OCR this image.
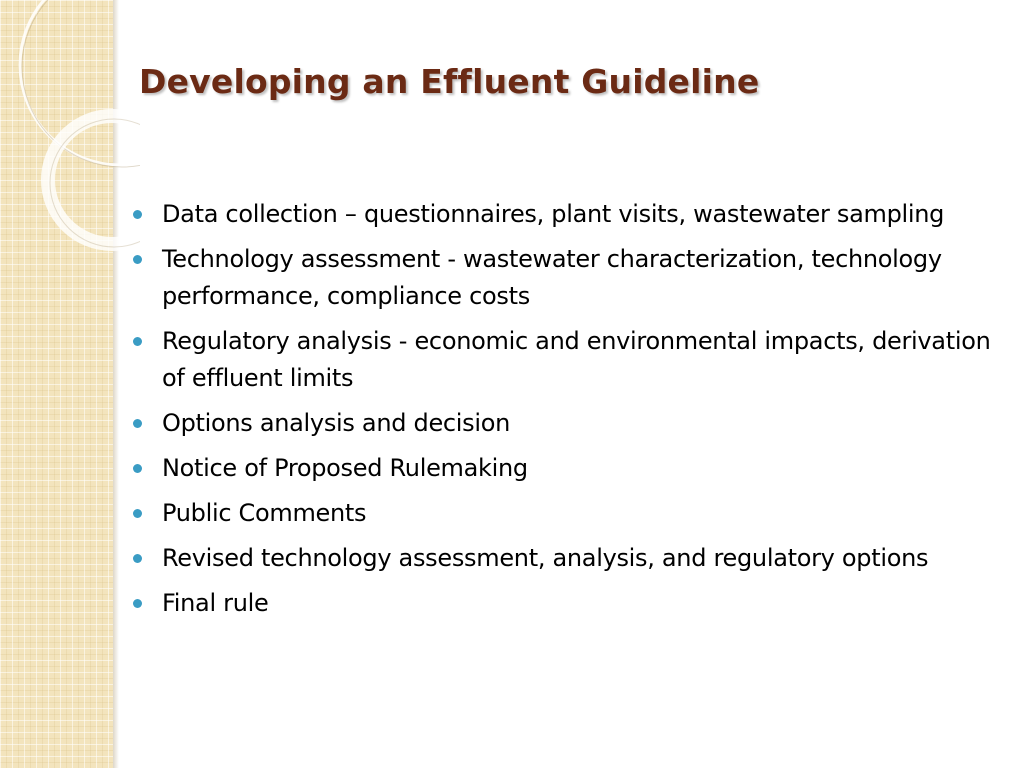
Developing an Effluent Guideline
Data collection – questionnaires, plant visits, wastewater sampling
Technology assessment - wastewater characterization, technology performance, compliance costs
Regulatory analysis - economic and environmental impacts, derivation of effluent limits
Options analysis and decision
Notice of Proposed Rulemaking
Public Comments
Revised technology assessment, analysis, and regulatory options
Final rule
